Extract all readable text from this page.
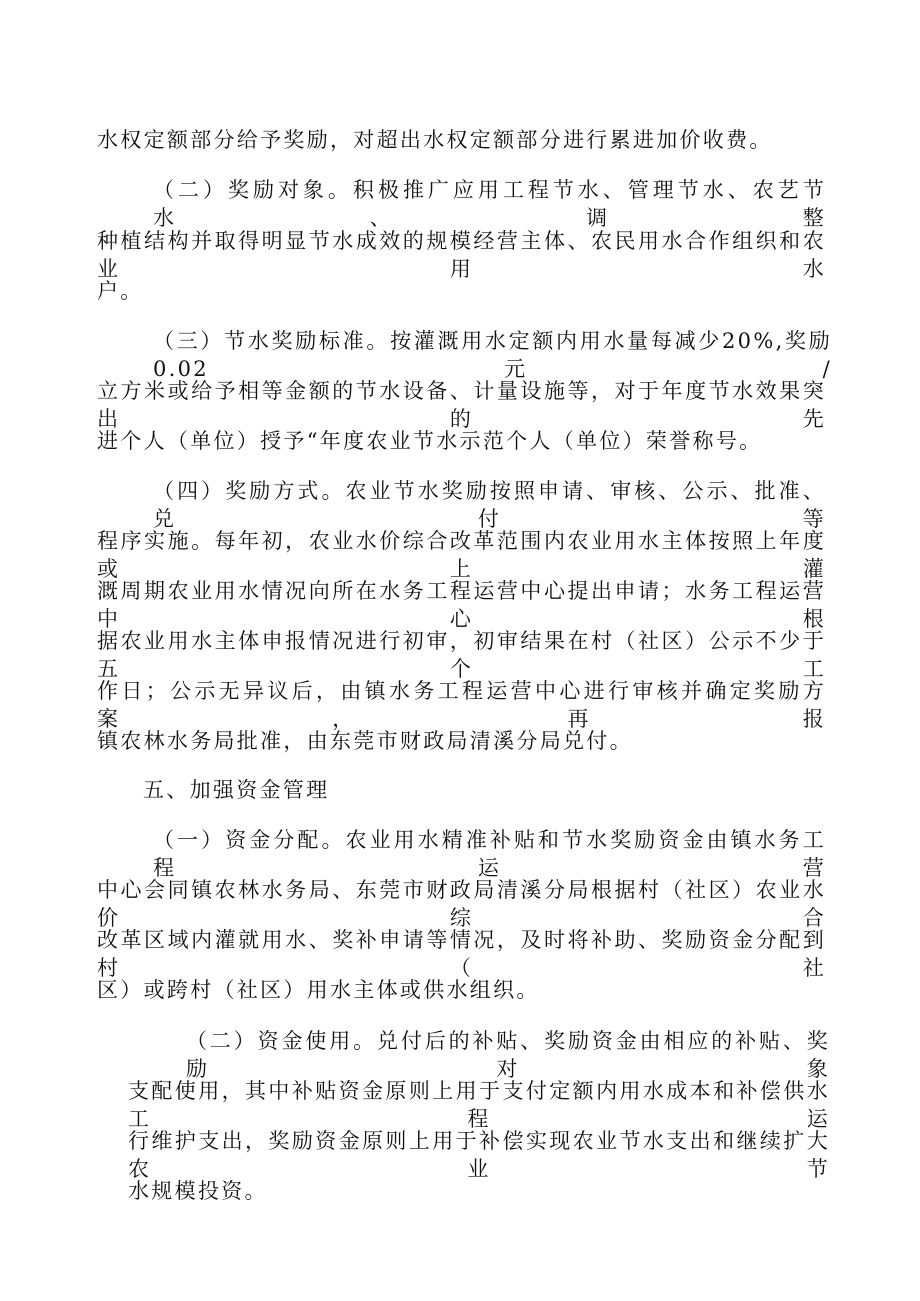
水权定额部分给予奖励，对超出水权定额部分进行累进加价收费。
（二）奖励对象。积极推广应用工程节水、管理节水、农艺节水、调整
种植结构并取得明显节水成效的规模经营主体、农民用水合作组织和农业用水
户。
（三）节水奖励标准。按灌溉用水定额内用水量每减少20%,奖励0.02元/
立方米或给予相等金额的节水设备、计量设施等，对于年度节水效果突出的先
进个人（单位）授予“年度农业节水示范个人（单位）荣誉称号。
（四）奖励方式。农业节水奖励按照申请、审核、公示、批准、兑付等
程序实施。每年初，农业水价综合改革范围内农业用水主体按照上年度或上灌
溉周期农业用水情况向所在水务工程运营中心提出申请；水务工程运营中心根
据农业用水主体申报情况进行初审，初审结果在村（社区）公示不少于五个工
作日；公示无异议后，由镇水务工程运营中心进行审核并确定奖励方案，再报
镇农林水务局批准，由东莞市财政局清溪分局兑付。
五、加强资金管理
（一）资金分配。农业用水精准补贴和节水奖励资金由镇水务工程运营
中心会同镇农林水务局、东莞市财政局清溪分局根据村（社区）农业水价综合
改革区域内灌就用水、奖补申请等情况，及时将补助、奖励资金分配到村（社
区）或跨村（社区）用水主体或供水组织。
（二）资金使用。兑付后的补贴、奖励资金由相应的补贴、奖励对象
支配使用，其中补贴资金原则上用于支付定额内用水成本和补偿供水工程运
行维护支出，奖励资金原则上用于补偿实现农业节水支出和继续扩大农业节
水规模投资。
